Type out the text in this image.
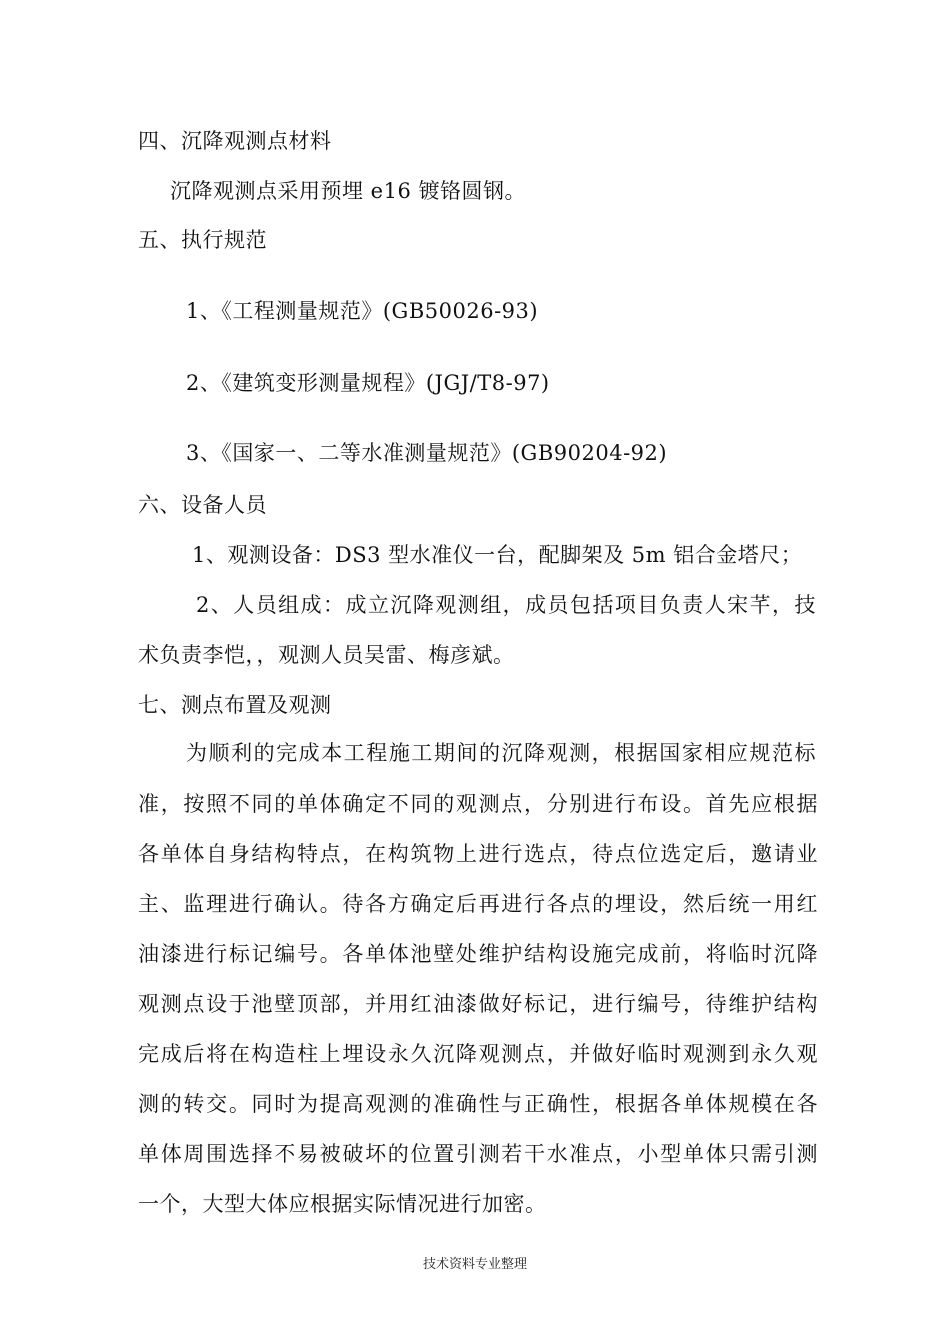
四、沉降观测点材料
沉降观测点采用预埋 e16 镀铬圆钢。
五、执行规范
1、《工程测量规范》(GB50026-93)
2、《建筑变形测量规程》(JGJ/T8-97)
3、《国家一、二等水准测量规范》(GB90204-92)
六、设备人员
1、观测设备：DS3 型水准仪一台，配脚架及 5m 铝合金塔尺；
2、人员组成：成立沉降观测组，成员包括项目负责人宋芊，技
术负责李恺，，观测人员吴雷、梅彦斌。
七、测点布置及观测
为顺利的完成本工程施工期间的沉降观测，根据国家相应规范标
准，按照不同的单体确定不同的观测点，分别进行布设。首先应根据
各单体自身结构特点，在构筑物上进行选点，待点位选定后，邀请业
主、监理进行确认。待各方确定后再进行各点的埋设，然后统一用红
油漆进行标记编号。各单体池壁处维护结构设施完成前，将临时沉降
观测点设于池壁顶部，并用红油漆做好标记，进行编号，待维护结构
完成后将在构造柱上埋设永久沉降观测点，并做好临时观测到永久观
测的转交。同时为提高观测的准确性与正确性，根据各单体规模在各
单体周围选择不易被破坏的位置引测若干水准点，小型单体只需引测
一个，大型大体应根据实际情况进行加密。
技术资料专业整理
